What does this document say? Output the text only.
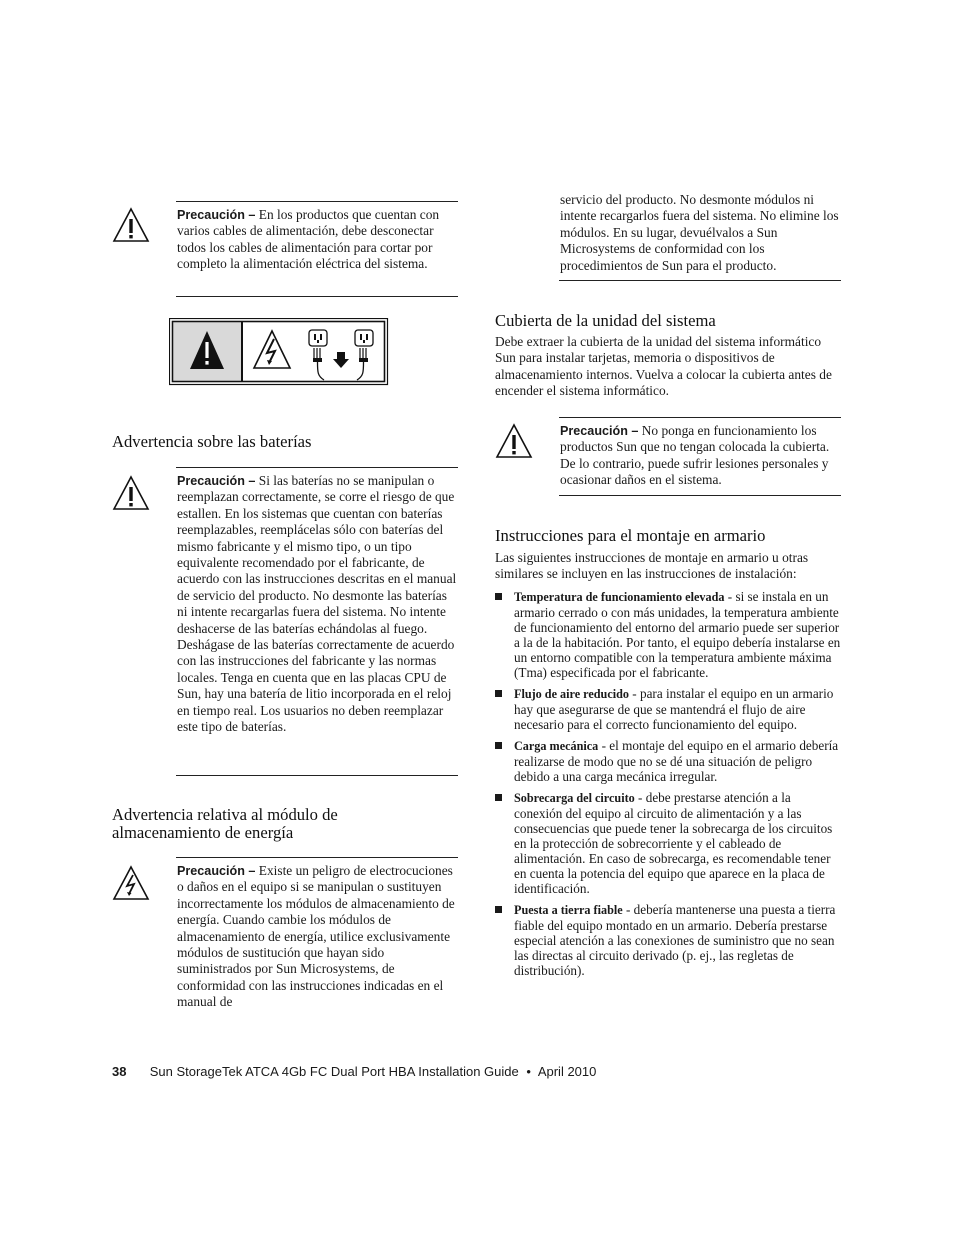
Precaución – En los productos que cuentan con varios cables de alimentación, debe desconectar todos los cables de alimentación para cortar por completo la alimentación eléctrica del sistema.
Advertencia sobre las baterías
Precaución – Si las baterías no se manipulan o reemplazan correctamente, se corre el riesgo de que estallen. En los sistemas que cuentan con baterías reemplazables, reemplácelas sólo con baterías del mismo fabricante y el mismo tipo, o un tipo equivalente recomendado por el fabricante, de acuerdo con las instrucciones descritas en el manual de servicio del producto. No desmonte las baterías ni intente recargarlas fuera del sistema. No intente deshacerse de las baterías echándolas al fuego. Deshágase de las baterías correctamente de acuerdo con las instrucciones del fabricante y las normas locales. Tenga en cuenta que en las placas CPU de Sun, hay una batería de litio incorporada en el reloj en tiempo real. Los usuarios no deben reemplazar este tipo de baterías.
Advertencia relativa al módulo de
almacenamiento de energía
Precaución – Existe un peligro de electrocuciones o daños en el equipo si se manipulan o sustituyen incorrectamente los módulos de almacenamiento de energía. Cuando cambie los módulos de almacenamiento de energía, utilice exclusivamente módulos de sustitución que hayan sido suministrados por Sun Microsystems, de conformidad con las instrucciones indicadas en el manual de
servicio del producto. No desmonte módulos ni intente recargarlos fuera del sistema. No elimine los módulos. En su lugar, devuélvalos a Sun Microsystems de conformidad con los procedimientos de Sun para el producto.
Cubierta de la unidad del sistema
Debe extraer la cubierta de la unidad del sistema informático Sun para instalar tarjetas, memoria o dispositivos de almacenamiento internos. Vuelva a colocar la cubierta antes de encender el sistema informático.
Precaución – No ponga en funcionamiento los productos Sun que no tengan colocada la cubierta. De lo contrario, puede sufrir lesiones personales y ocasionar daños en el sistema.
Instrucciones para el montaje en armario
Las siguientes instrucciones de montaje en armario u otras similares se incluyen en las instrucciones de instalación:
Temperatura de funcionamiento elevada - si se instala en un armario cerrado o con más unidades, la temperatura ambiente de funcionamiento del entorno del armario puede ser superior a la de la habitación. Por tanto, el equipo debería instalarse en un entorno compatible con la temperatura ambiente máxima (Tma) especificada por el fabricante.
Flujo de aire reducido - para instalar el equipo en un armario hay que asegurarse de que se mantendrá el flujo de aire necesario para el correcto funcionamiento del equipo.
Carga mecánica - el montaje del equipo en el armario debería realizarse de modo que no se dé una situación de peligro debido a una carga mecánica irregular.
Sobrecarga del circuito - debe prestarse atención a la conexión del equipo al circuito de alimentación y a las consecuencias que puede tener la sobrecarga de los circuitos en la protección de sobrecorriente y el cableado de alimentación. En caso de sobrecarga, es recomendable tener en cuenta la potencia del equipo que aparece en la placa de identificación.
Puesta a tierra fiable - debería mantenerse una puesta a tierra fiable del equipo montado en un armario. Debería prestarse especial atención a las conexiones de suministro que no sean las directas al circuito derivado (p. ej., las regletas de distribución).
38 Sun StorageTek ATCA 4Gb FC Dual Port HBA Installation Guide • April 2010
